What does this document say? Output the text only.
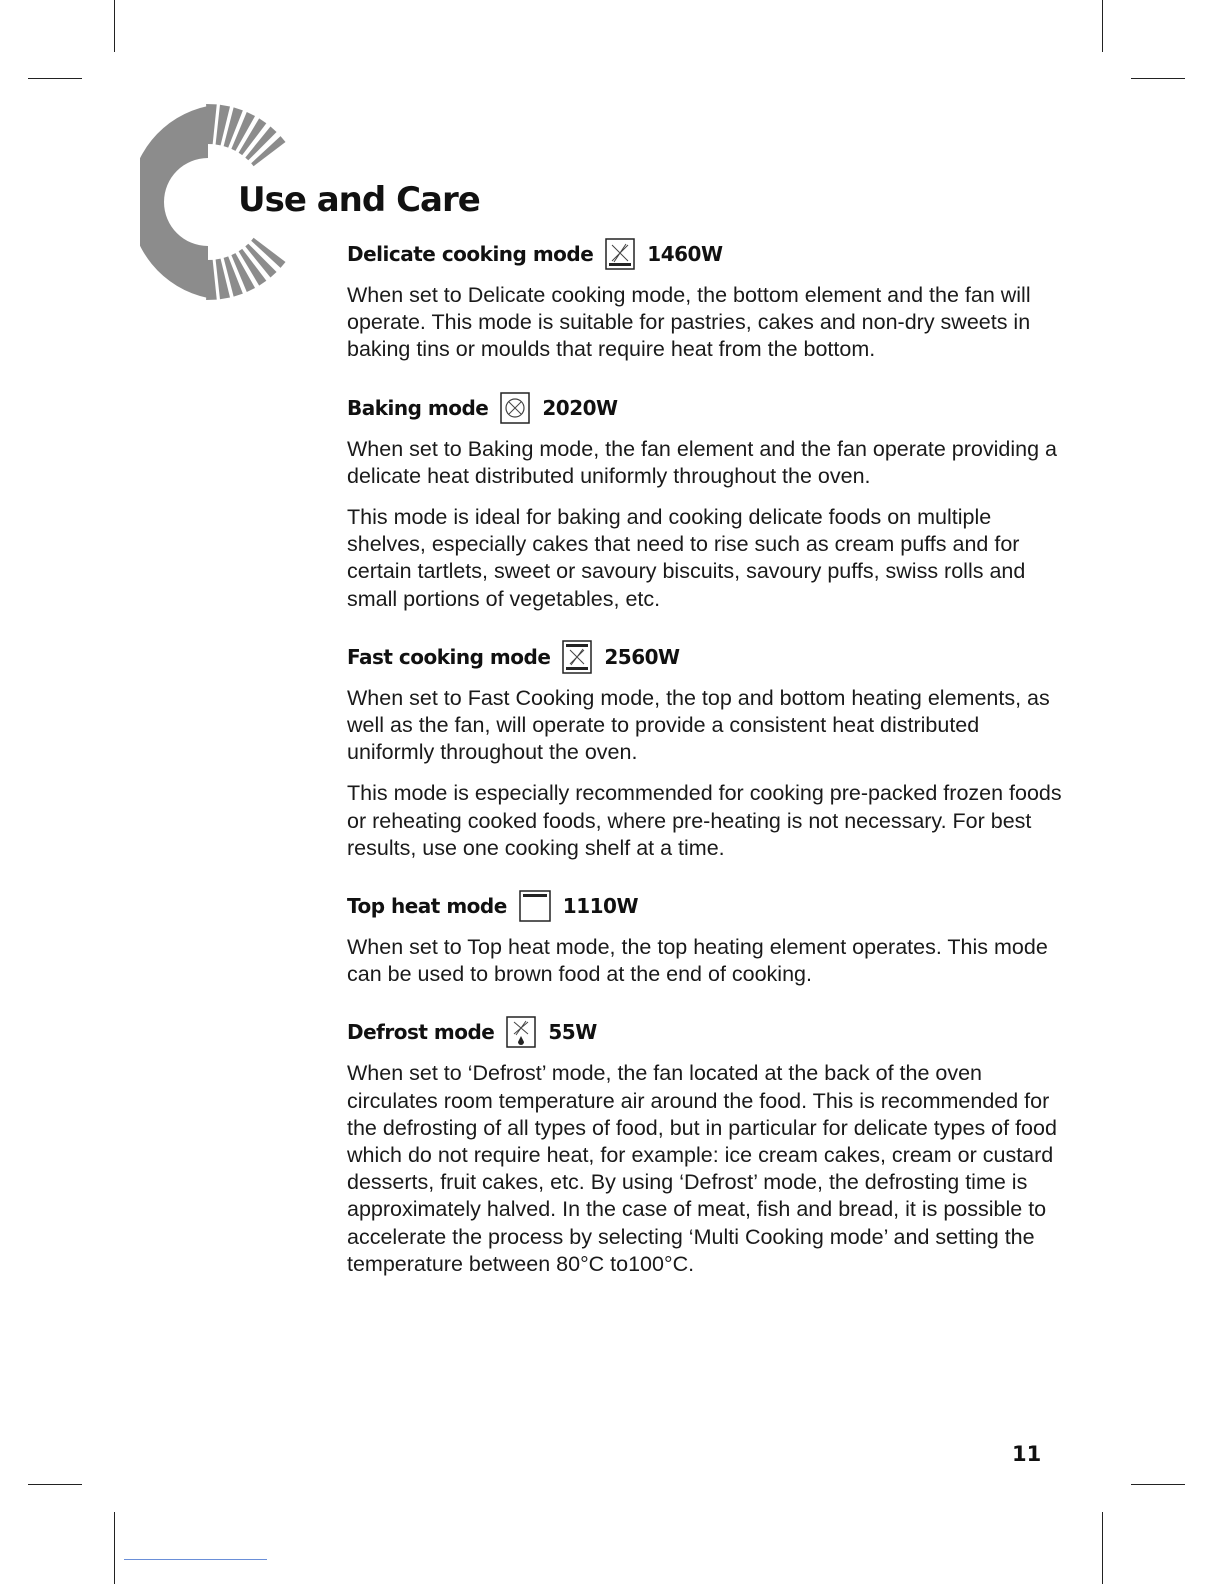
Use and Care
Delicate cooking mode	1460W

When set to Delicate cooking mode, the bottom element and the fan will operate. This mode is suitable for pastries, cakes and non-dry sweets in baking tins or moulds that require heat from the bottom.

Baking mode	2020W

When set to Baking mode, the fan element and the fan operate providing a delicate heat distributed uniformly throughout the oven.

This mode is ideal for baking and cooking delicate foods on multiple shelves, especially cakes that need to rise such as cream puffs and for certain tartlets, sweet or savoury biscuits, savoury puffs, swiss rolls and small portions of vegetables, etc.

Fast cooking mode	2560W

When set to Fast Cooking mode, the top and bottom heating elements, as well as the fan, will operate to provide a consistent heat distributed uniformly throughout the oven.

This mode is especially recommended for cooking pre-packed frozen foods or reheating cooked foods, where pre-heating is not necessary. For best results, use one cooking shelf at a time.

Top heat mode	1110W

When set to Top heat mode, the top heating element operates. This mode can be used to brown food at the end of cooking.

Defrost mode	55W

When set to ‘Defrost’ mode, the fan located at the back of the oven circulates room temperature air around the food. This is recommended for the defrosting of all types of food, but in particular for delicate types of food which do not require heat, for example: ice cream cakes, cream or custard desserts, fruit cakes, etc. By using ‘Defrost’ mode, the defrosting time is approximately halved. In the case of meat, fish and bread, it is possible to accelerate the process by selecting ‘Multi Cooking mode’ and setting the temperature between 80°C to100°C.

11
